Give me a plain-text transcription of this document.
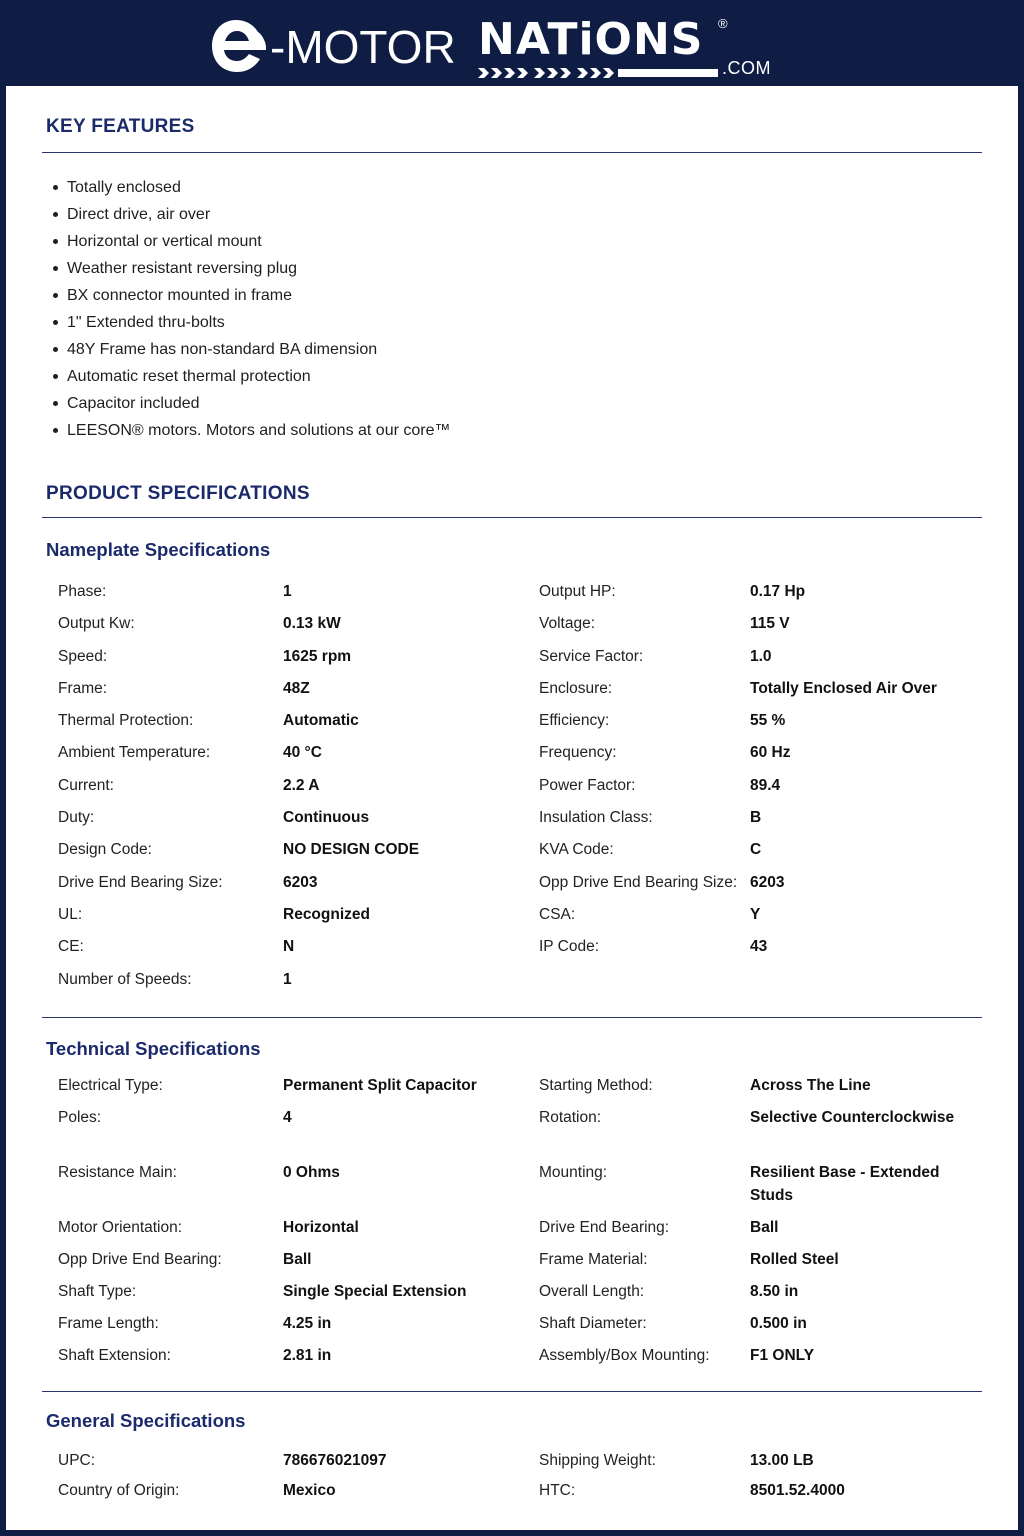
-MOTOR NATiONS ®
.COM
KEY FEATURES
Totally enclosed
Direct drive, air over
Horizontal or vertical mount
Weather resistant reversing plug
BX connector mounted in frame
1" Extended thru-bolts
48Y Frame has non-standard BA dimension
Automatic reset thermal protection
Capacitor included
LEESON® motors. Motors and solutions at our core™
PRODUCT SPECIFICATIONS
Nameplate Specifications
Phase:	1	Output HP:	0.17 Hp
Output Kw:	0.13 kW	Voltage:	115 V
Speed:	1625 rpm	Service Factor:	1.0
Frame:	48Z	Enclosure:	Totally Enclosed Air Over
Thermal Protection:	Automatic	Efficiency:	55 %
Ambient Temperature:	40 °C	Frequency:	60 Hz
Current:	2.2 A	Power Factor:	89.4
Duty:	Continuous	Insulation Class:	B
Design Code:	NO DESIGN CODE	KVA Code:	C
Drive End Bearing Size:	6203	Opp Drive End Bearing Size: 6203
UL:	Recognized	CSA:	Y
CE:	N	IP Code:	43
Number of Speeds:	1
Technical Specifications
Electrical Type:	Permanent Split Capacitor	Starting Method:	Across The Line
Poles:	4	Rotation:	Selective Counterclockwise
Resistance Main:	0 Ohms	Mounting:	Resilient Base - Extended Studs
Motor Orientation:	Horizontal	Drive End Bearing:	Ball
Opp Drive End Bearing:	Ball	Frame Material:	Rolled Steel
Shaft Type:	Single Special Extension	Overall Length:	8.50 in
Frame Length:	4.25 in	Shaft Diameter:	0.500 in
Shaft Extension:	2.81 in	Assembly/Box Mounting:	F1 ONLY
General Specifications
UPC:	786676021097	Shipping Weight:	13.00 LB
Country of Origin:	Mexico	HTC:	8501.52.4000
